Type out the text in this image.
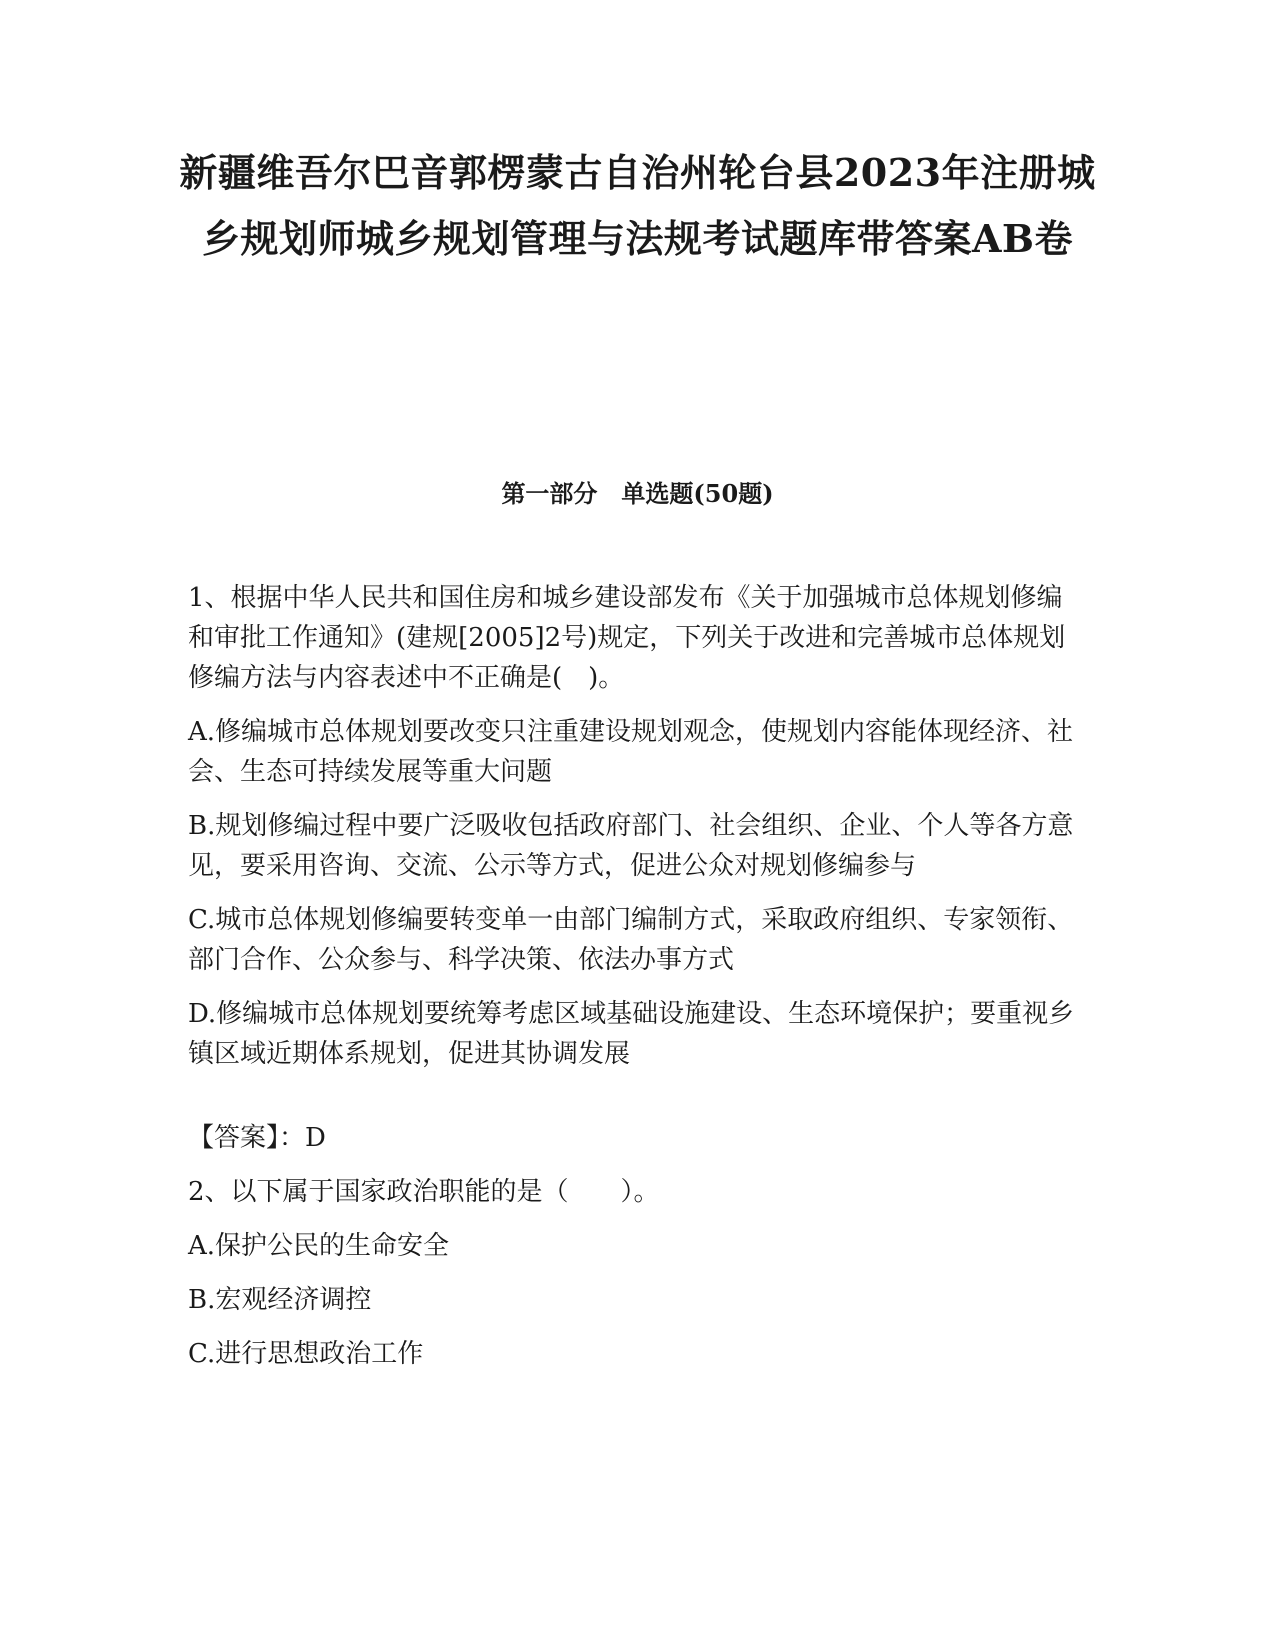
新疆维吾尔巴音郭楞蒙古自治州轮台县2023年注册城乡规划师城乡规划管理与法规考试题库带答案AB卷
第一部分　单选题(50题)

1、根据中华人民共和国住房和城乡建设部发布《关于加强城市总体规划修编和审批工作通知》(建规[2005]2号)规定，下列关于改进和完善城市总体规划修编方法与内容表述中不正确是(　)。

A.修编城市总体规划要改变只注重建设规划观念，使规划内容能体现经济、社会、生态可持续发展等重大问题

B.规划修编过程中要广泛吸收包括政府部门、社会组织、企业、个人等各方意见，要采用咨询、交流、公示等方式，促进公众对规划修编参与

C.城市总体规划修编要转变单一由部门编制方式，采取政府组织、专家领衔、部门合作、公众参与、科学决策、依法办事方式

D.修编城市总体规划要统筹考虑区域基础设施建设、生态环境保护；要重视乡镇区域近期体系规划，促进其协调发展

【答案】：D

2、以下属于国家政治职能的是（　　）。

A.保护公民的生命安全

B.宏观经济调控

C.进行思想政治工作
